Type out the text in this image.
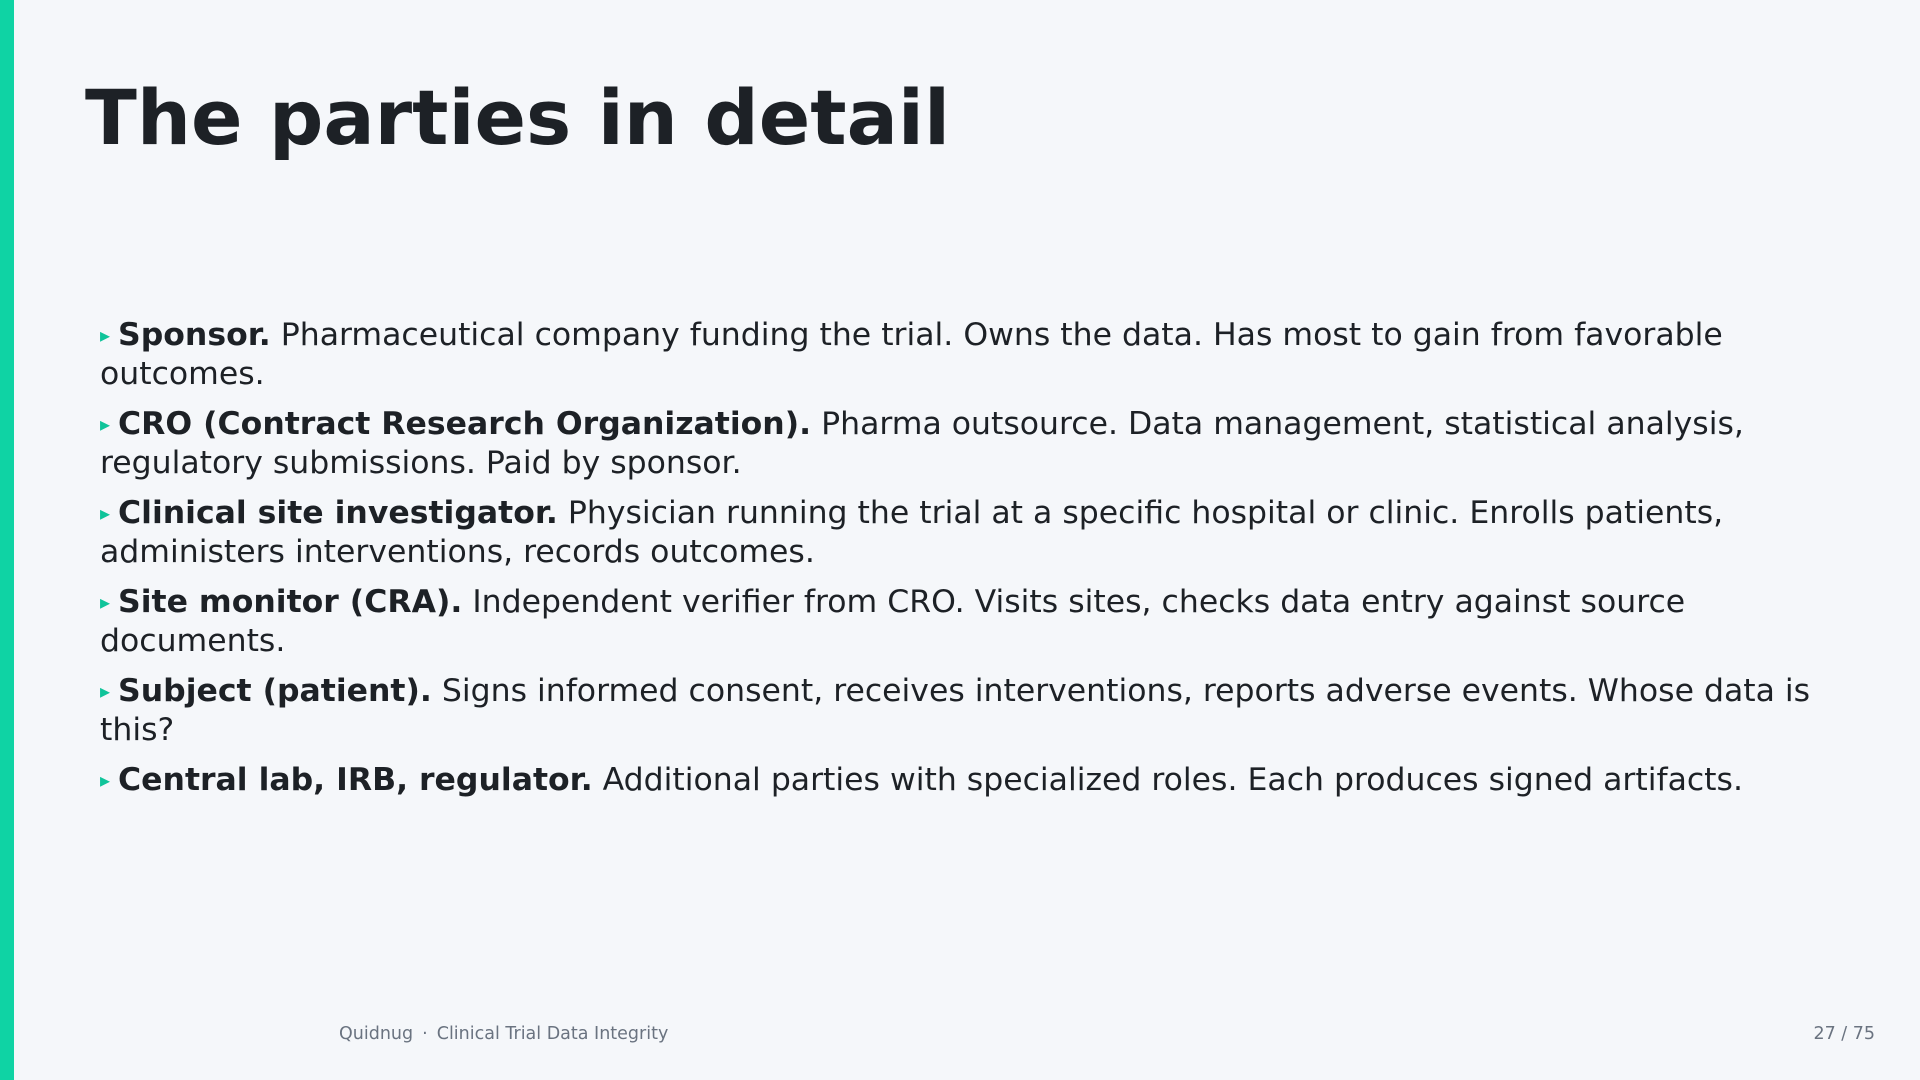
The parties in detail
▸ Sponsor. Pharmaceutical company funding the trial. Owns the data. Has most to gain from favorable outcomes.
▸ CRO (Contract Research Organization). Pharma outsource. Data management, statistical analysis, regulatory submissions. Paid by sponsor.
▸ Clinical site investigator. Physician running the trial at a specific hospital or clinic. Enrolls patients, administers interventions, records outcomes.
▸ Site monitor (CRA). Independent verifier from CRO. Visits sites, checks data entry against source documents.
▸ Subject (patient). Signs informed consent, receives interventions, reports adverse events. Whose data is this?
▸ Central lab, IRB, regulator. Additional parties with specialized roles. Each produces signed artifacts.
Quidnug · Clinical Trial Data Integrity	27 / 75
